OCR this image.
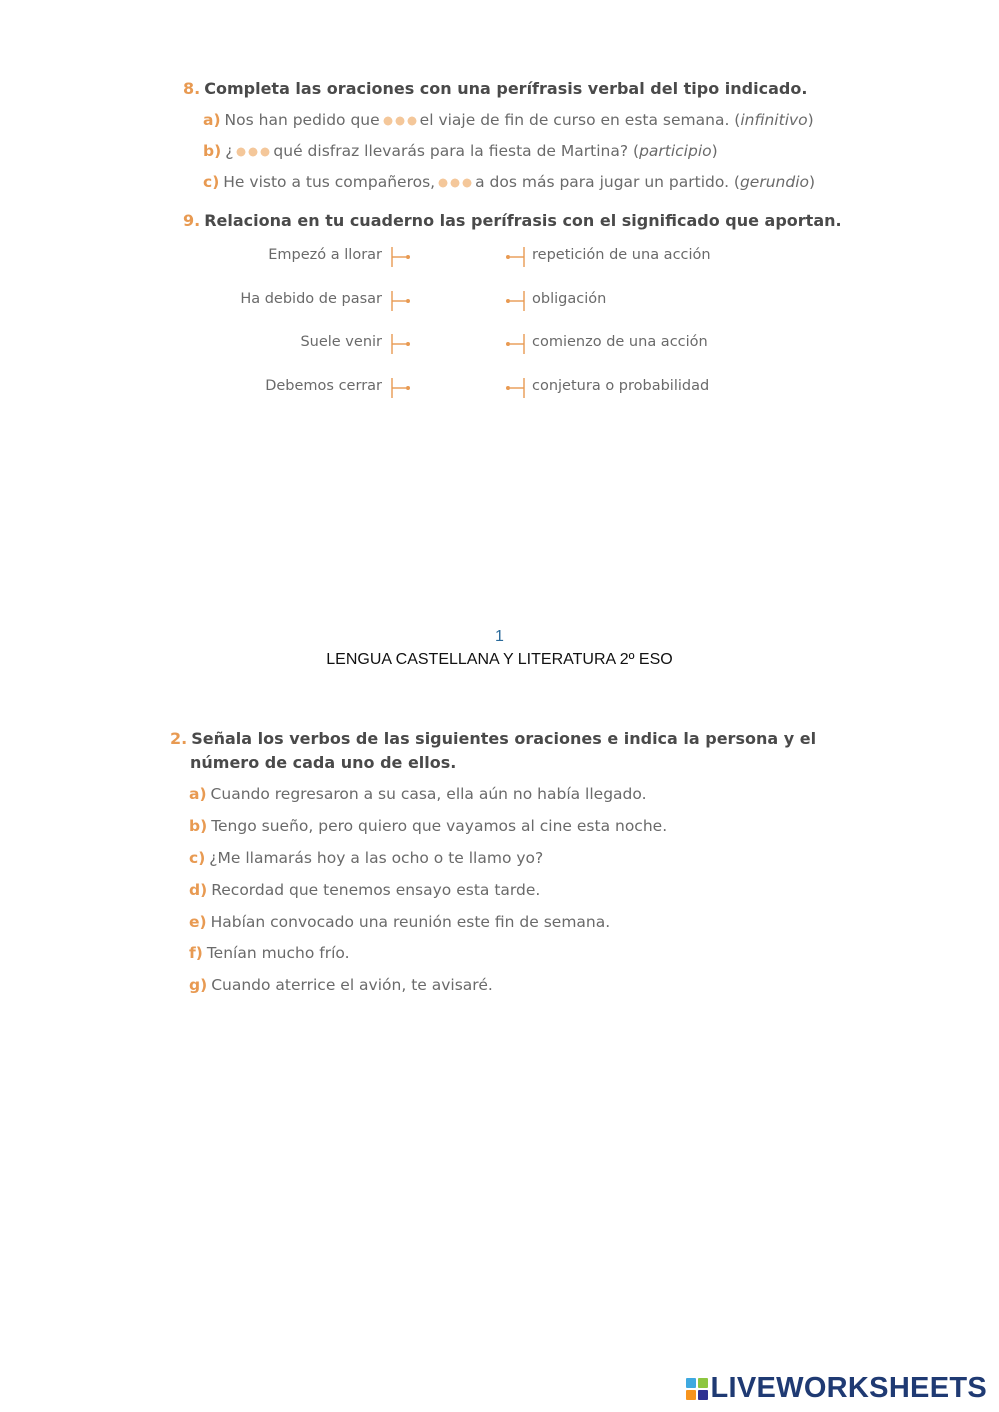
8. Completa las oraciones con una perífrasis verbal del tipo indicado.
a) Nos han pedido que	el viaje de fin de curso en esta semana. (infinitivo)
b) ¿	qué disfraz llevarás para la fiesta de Martina? (participio)
c) He visto a tus compañeros,	a dos más para jugar un partido. (gerundio)
9. Relaciona en tu cuaderno las perífrasis con el significado que aportan.
Empezó a llorar
Ha debido de pasar
Suele venir
Debemos cerrar
repetición de una acción
obligación
comienzo de una acción
conjetura o probabilidad
1
LENGUA CASTELLANA Y LITERATURA 2º ESO
2. Señala los verbos de las siguientes oraciones e indica la persona y el
número de cada uno de ellos.
a) Cuando regresaron a su casa, ella aún no había llegado.
b) Tengo sueño, pero quiero que vayamos al cine esta noche.
c) ¿Me llamarás hoy a las ocho o te llamo yo?
d) Recordad que tenemos ensayo esta tarde.
e) Habían convocado una reunión este fin de semana.
f) Tenían mucho frío.
g) Cuando aterrice el avión, te avisaré.
LIVEWORKSHEETS
